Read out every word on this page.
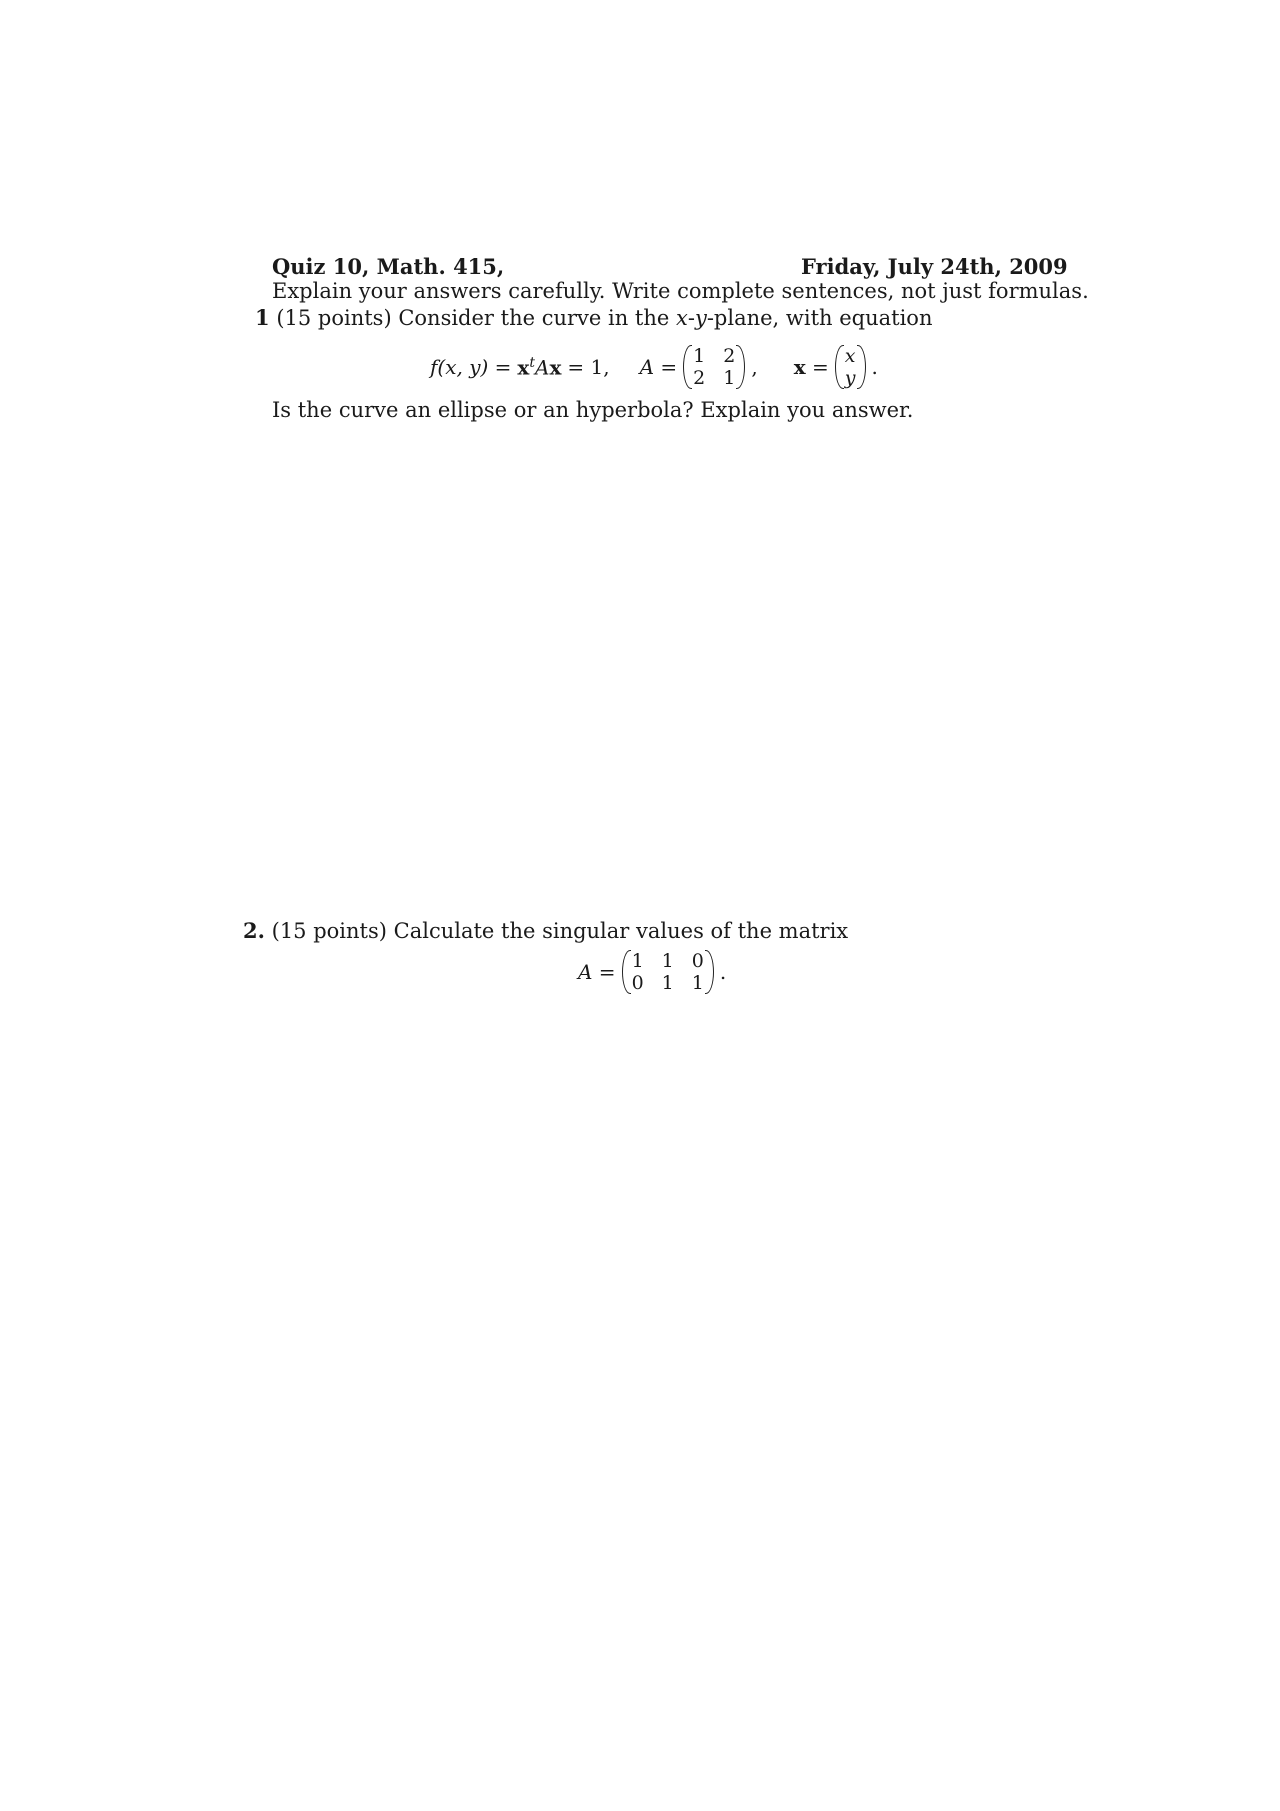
Quiz 10, Math. 415,	Friday, July 24th, 2009
Explain your answers carefully. Write complete sentences, not just formulas.
1 (15 points) Consider the curve in the x-y-plane, with equation
f(x, $y) = x^tAx = 1$, A = 1 2
2 1 , x = x
y .
Is the curve an ellipse or an hyperbola? Explain you answer.
2. (15 points) Calculate the singular values of the matrix
A = 1 1 0
0 1 1 .
